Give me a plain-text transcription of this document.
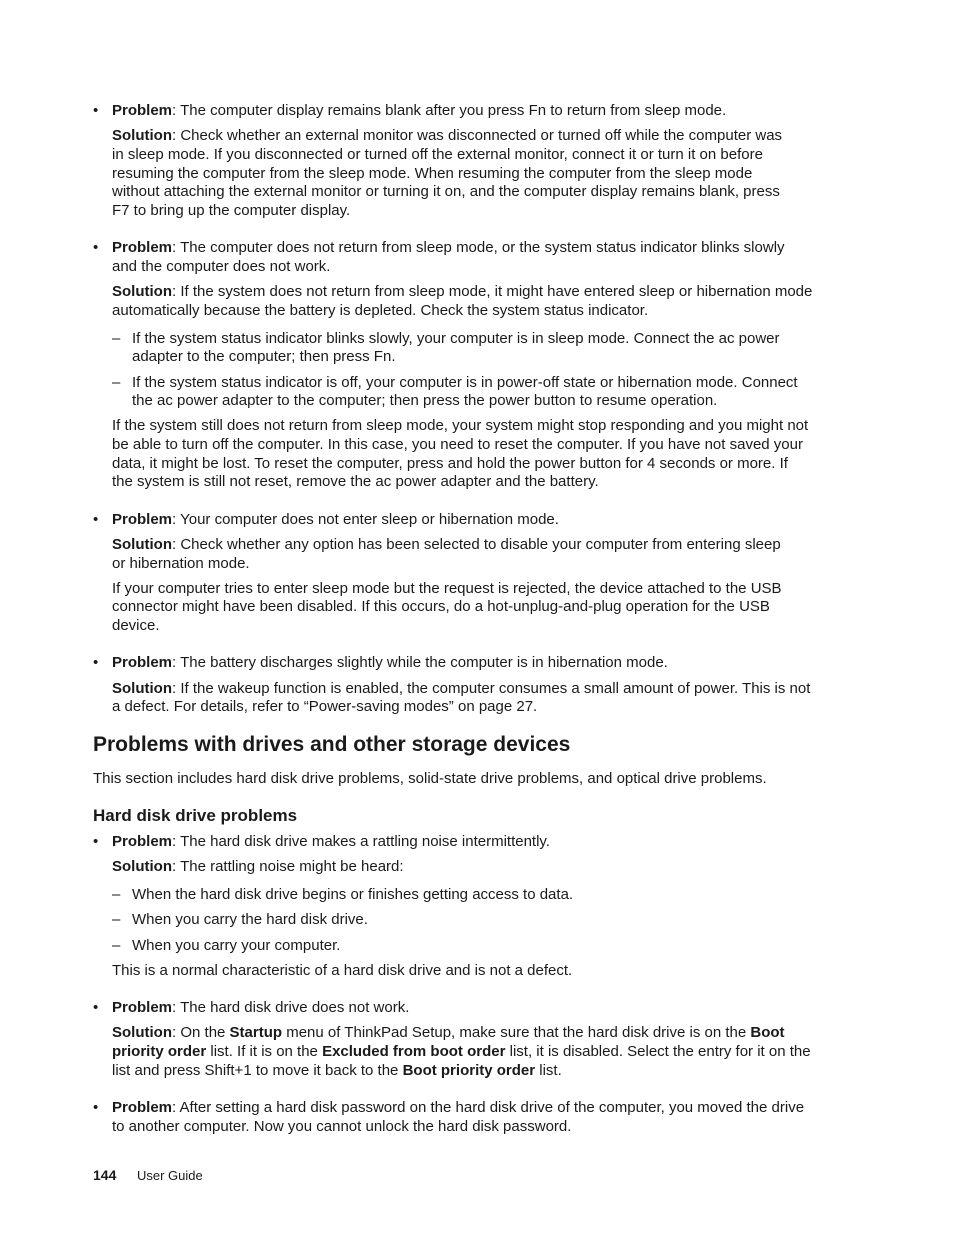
• Problem: The computer display remains blank after you press Fn to return from sleep mode.
Solution: Check whether an external monitor was disconnected or turned off while the computer was
in sleep mode. If you disconnected or turned off the external monitor, connect it or turn it on before
resuming the computer from the sleep mode. When resuming the computer from the sleep mode
without attaching the external monitor or turning it on, and the computer display remains blank, press
F7 to bring up the computer display.
• Problem: The computer does not return from sleep mode, or the system status indicator blinks slowly
and the computer does not work.
Solution: If the system does not return from sleep mode, it might have entered sleep or hibernation mode
automatically because the battery is depleted. Check the system status indicator.
– If the system status indicator blinks slowly, your computer is in sleep mode. Connect the ac power
adapter to the computer; then press Fn.
– If the system status indicator is off, your computer is in power-off state or hibernation mode. Connect
the ac power adapter to the computer; then press the power button to resume operation.
If the system still does not return from sleep mode, your system might stop responding and you might not
be able to turn off the computer. In this case, you need to reset the computer. If you have not saved your
data, it might be lost. To reset the computer, press and hold the power button for 4 seconds or more. If
the system is still not reset, remove the ac power adapter and the battery.
• Problem: Your computer does not enter sleep or hibernation mode.
Solution: Check whether any option has been selected to disable your computer from entering sleep
or hibernation mode.
If your computer tries to enter sleep mode but the request is rejected, the device attached to the USB
connector might have been disabled. If this occurs, do a hot-unplug-and-plug operation for the USB
device.
• Problem: The battery discharges slightly while the computer is in hibernation mode.
Solution: If the wakeup function is enabled, the computer consumes a small amount of power. This is not
a defect. For details, refer to “Power-saving modes” on page 27.
Problems with drives and other storage devices
This section includes hard disk drive problems, solid-state drive problems, and optical drive problems.
Hard disk drive problems
• Problem: The hard disk drive makes a rattling noise intermittently.
Solution: The rattling noise might be heard:
– When the hard disk drive begins or finishes getting access to data.
– When you carry the hard disk drive.
– When you carry your computer.
This is a normal characteristic of a hard disk drive and is not a defect.
• Problem: The hard disk drive does not work.
Solution: On the Startup menu of ThinkPad Setup, make sure that the hard disk drive is on the Boot
priority order list. If it is on the Excluded from boot order list, it is disabled. Select the entry for it on the
list and press Shift+1 to move it back to the Boot priority order list.
• Problem: After setting a hard disk password on the hard disk drive of the computer, you moved the drive
to another computer. Now you cannot unlock the hard disk password.
144 User Guide
